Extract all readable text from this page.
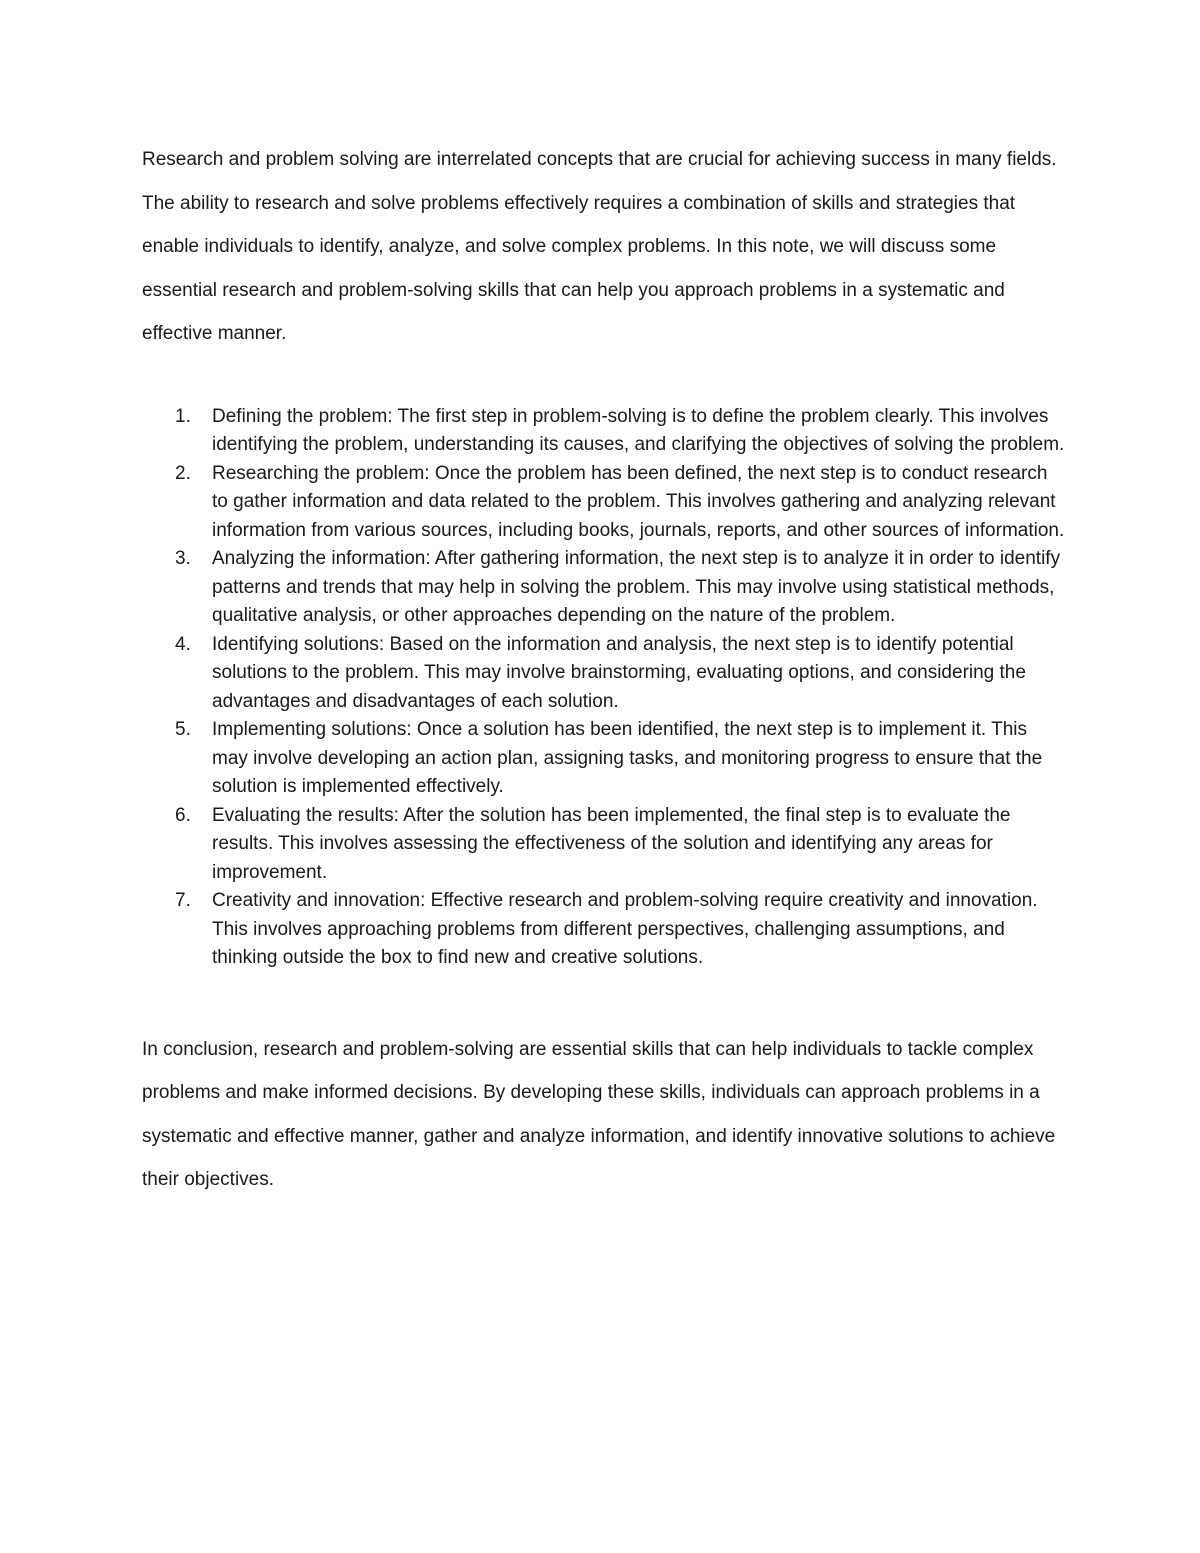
Research and problem solving are interrelated concepts that are crucial for achieving success in many fields. The ability to research and solve problems effectively requires a combination of skills and strategies that enable individuals to identify, analyze, and solve complex problems. In this note, we will discuss some essential research and problem-solving skills that can help you approach problems in a systematic and effective manner.

1. Defining the problem: The first step in problem-solving is to define the problem clearly. This involves identifying the problem, understanding its causes, and clarifying the objectives of solving the problem.
2. Researching the problem: Once the problem has been defined, the next step is to conduct research to gather information and data related to the problem. This involves gathering and analyzing relevant information from various sources, including books, journals, reports, and other sources of information.
3. Analyzing the information: After gathering information, the next step is to analyze it in order to identify patterns and trends that may help in solving the problem. This may involve using statistical methods, qualitative analysis, or other approaches depending on the nature of the problem.
4. Identifying solutions: Based on the information and analysis, the next step is to identify potential solutions to the problem. This may involve brainstorming, evaluating options, and considering the advantages and disadvantages of each solution.
5. Implementing solutions: Once a solution has been identified, the next step is to implement it. This may involve developing an action plan, assigning tasks, and monitoring progress to ensure that the solution is implemented effectively.
6. Evaluating the results: After the solution has been implemented, the final step is to evaluate the results. This involves assessing the effectiveness of the solution and identifying any areas for improvement.
7. Creativity and innovation: Effective research and problem-solving require creativity and innovation. This involves approaching problems from different perspectives, challenging assumptions, and thinking outside the box to find new and creative solutions.

In conclusion, research and problem-solving are essential skills that can help individuals to tackle complex problems and make informed decisions. By developing these skills, individuals can approach problems in a systematic and effective manner, gather and analyze information, and identify innovative solutions to achieve their objectives.
